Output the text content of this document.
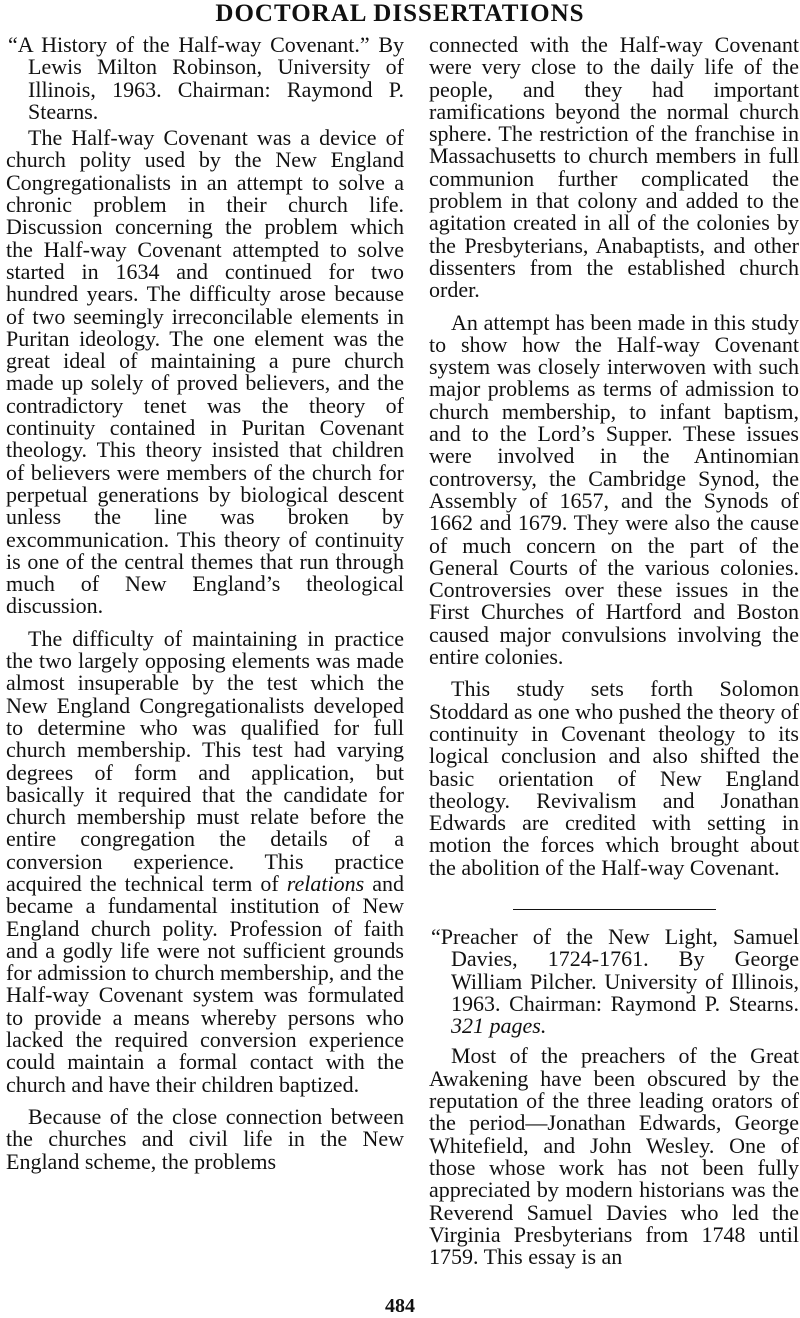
DOCTORAL DISSERTATIONS

“A History of the Half-way Covenant.” By Lewis Milton Robinson, University of Illinois, 1963. Chairman: Raymond P. Stearns.

The Half-way Covenant was a device of church polity used by the New England Congregationalists in an attempt to solve a chronic problem in their church life. Discussion concerning the problem which the Half-way Covenant attempted to solve started in 1634 and continued for two hundred years. The difficulty arose because of two seemingly irreconcilable elements in Puritan ideology. The one element was the great ideal of maintaining a pure church made up solely of proved believers, and the contradictory tenet was the theory of continuity contained in Puritan Covenant theology. This theory insisted that children of believers were members of the church for perpetual generations by biological descent unless the line was broken by excommunication. This theory of continuity is one of the central themes that run through much of New England’s theological discussion.

The difficulty of maintaining in practice the two largely opposing elements was made almost insuperable by the test which the New England Congregationalists developed to determine who was qualified for full church membership. This test had varying degrees of form and application, but basically it required that the candidate for church membership must relate before the entire congregation the details of a conversion experience. This practice acquired the technical term of relations and became a fundamental institution of New England church polity. Profession of faith and a godly life were not sufficient grounds for admission to church membership, and the Half-way Covenant system was formulated to provide a means whereby persons who lacked the required conversion experience could maintain a formal contact with the church and have their children baptized.

Because of the close connection between the churches and civil life in the New England scheme, the problems

connected with the Half-way Covenant were very close to the daily life of the people, and they had important ramifications beyond the normal church sphere. The restriction of the franchise in Massachusetts to church members in full communion further complicated the problem in that colony and added to the agitation created in all of the colonies by the Presbyterians, Anabaptists, and other dissenters from the established church order.

An attempt has been made in this study to show how the Half-way Covenant system was closely interwoven with such major problems as terms of admission to church membership, to infant baptism, and to the Lord’s Supper. These issues were involved in the Antinomian controversy, the Cambridge Synod, the Assembly of 1657, and the Synods of 1662 and 1679. They were also the cause of much concern on the part of the General Courts of the various colonies. Controversies over these issues in the First Churches of Hartford and Boston caused major convulsions involving the entire colonies.

This study sets forth Solomon Stoddard as one who pushed the theory of continuity in Covenant theology to its logical conclusion and also shifted the basic orientation of New England theology. Revivalism and Jonathan Edwards are credited with setting in motion the forces which brought about the abolition of the Half-way Covenant.

“Preacher of the New Light, Samuel Davies, 1724-1761. By George William Pilcher. University of Illinois, 1963. Chairman: Raymond P. Stearns. 321 pages.

Most of the preachers of the Great Awakening have been obscured by the reputation of the three leading orators of the period—Jonathan Edwards, George Whitefield, and John Wesley. One of those whose work has not been fully appreciated by modern historians was the Reverend Samuel Davies who led the Virginia Presbyterians from 1748 until 1759. This essay is an

484
